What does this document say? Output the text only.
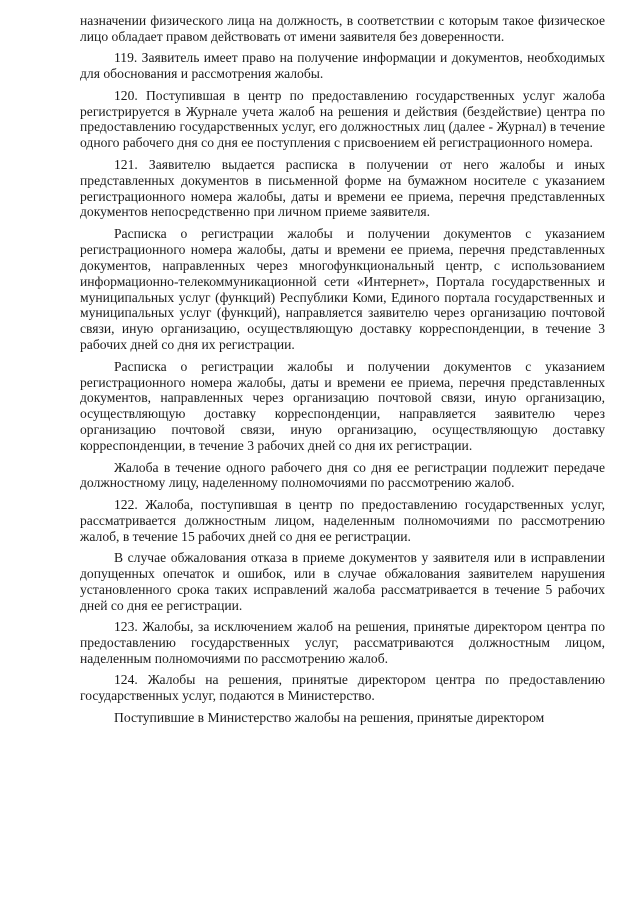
назначении физического лица на должность, в соответствии с которым такое физическое лицо обладает правом действовать от имени заявителя без доверенности.

119. Заявитель имеет право на получение информации и документов, необходимых для обоснования и рассмотрения жалобы.

120. Поступившая в центр по предоставлению государственных услуг жалоба регистрируется в Журнале учета жалоб на решения и действия (бездействие) центра по предоставлению государственных услуг, его должностных лиц (далее - Журнал) в течение одного рабочего дня со дня ее поступления с присвоением ей регистрационного номера.

121. Заявителю выдается расписка в получении от него жалобы и иных представленных документов в письменной форме на бумажном носителе с указанием регистрационного номера жалобы, даты и времени ее приема, перечня представленных документов непосредственно при личном приеме заявителя.

Расписка о регистрации жалобы и получении документов с указанием регистрационного номера жалобы, даты и времени ее приема, перечня представленных документов, направленных через многофункциональный центр, с использованием информационно-телекоммуникационной сети «Интернет», Портала государственных и муниципальных услуг (функций) Республики Коми, Единого портала государственных и муниципальных услуг (функций), направляется заявителю через организацию почтовой связи, иную организацию, осуществляющую доставку корреспонденции, в течение 3 рабочих дней со дня их регистрации.

Расписка о регистрации жалобы и получении документов с указанием регистрационного номера жалобы, даты и времени ее приема, перечня представленных документов, направленных через организацию почтовой связи, иную организацию, осуществляющую доставку корреспонденции, направляется заявителю через организацию почтовой связи, иную организацию, осуществляющую доставку корреспонденции, в течение 3 рабочих дней со дня их регистрации.

Жалоба в течение одного рабочего дня со дня ее регистрации подлежит передаче должностному лицу, наделенному полномочиями по рассмотрению жалоб.

122. Жалоба, поступившая в центр по предоставлению государственных услуг, рассматривается должностным лицом, наделенным полномочиями по рассмотрению жалоб, в течение 15 рабочих дней со дня ее регистрации.

В случае обжалования отказа в приеме документов у заявителя или в исправлении допущенных опечаток и ошибок, или в случае обжалования заявителем нарушения установленного срока таких исправлений жалоба рассматривается в течение 5 рабочих дней со дня ее регистрации.

123. Жалобы, за исключением жалоб на решения, принятые директором центра по предоставлению государственных услуг, рассматриваются должностным лицом, наделенным полномочиями по рассмотрению жалоб.

124. Жалобы на решения, принятые директором центра по предоставлению государственных услуг, подаются в Министерство.

Поступившие в Министерство жалобы на решения, принятые директором
